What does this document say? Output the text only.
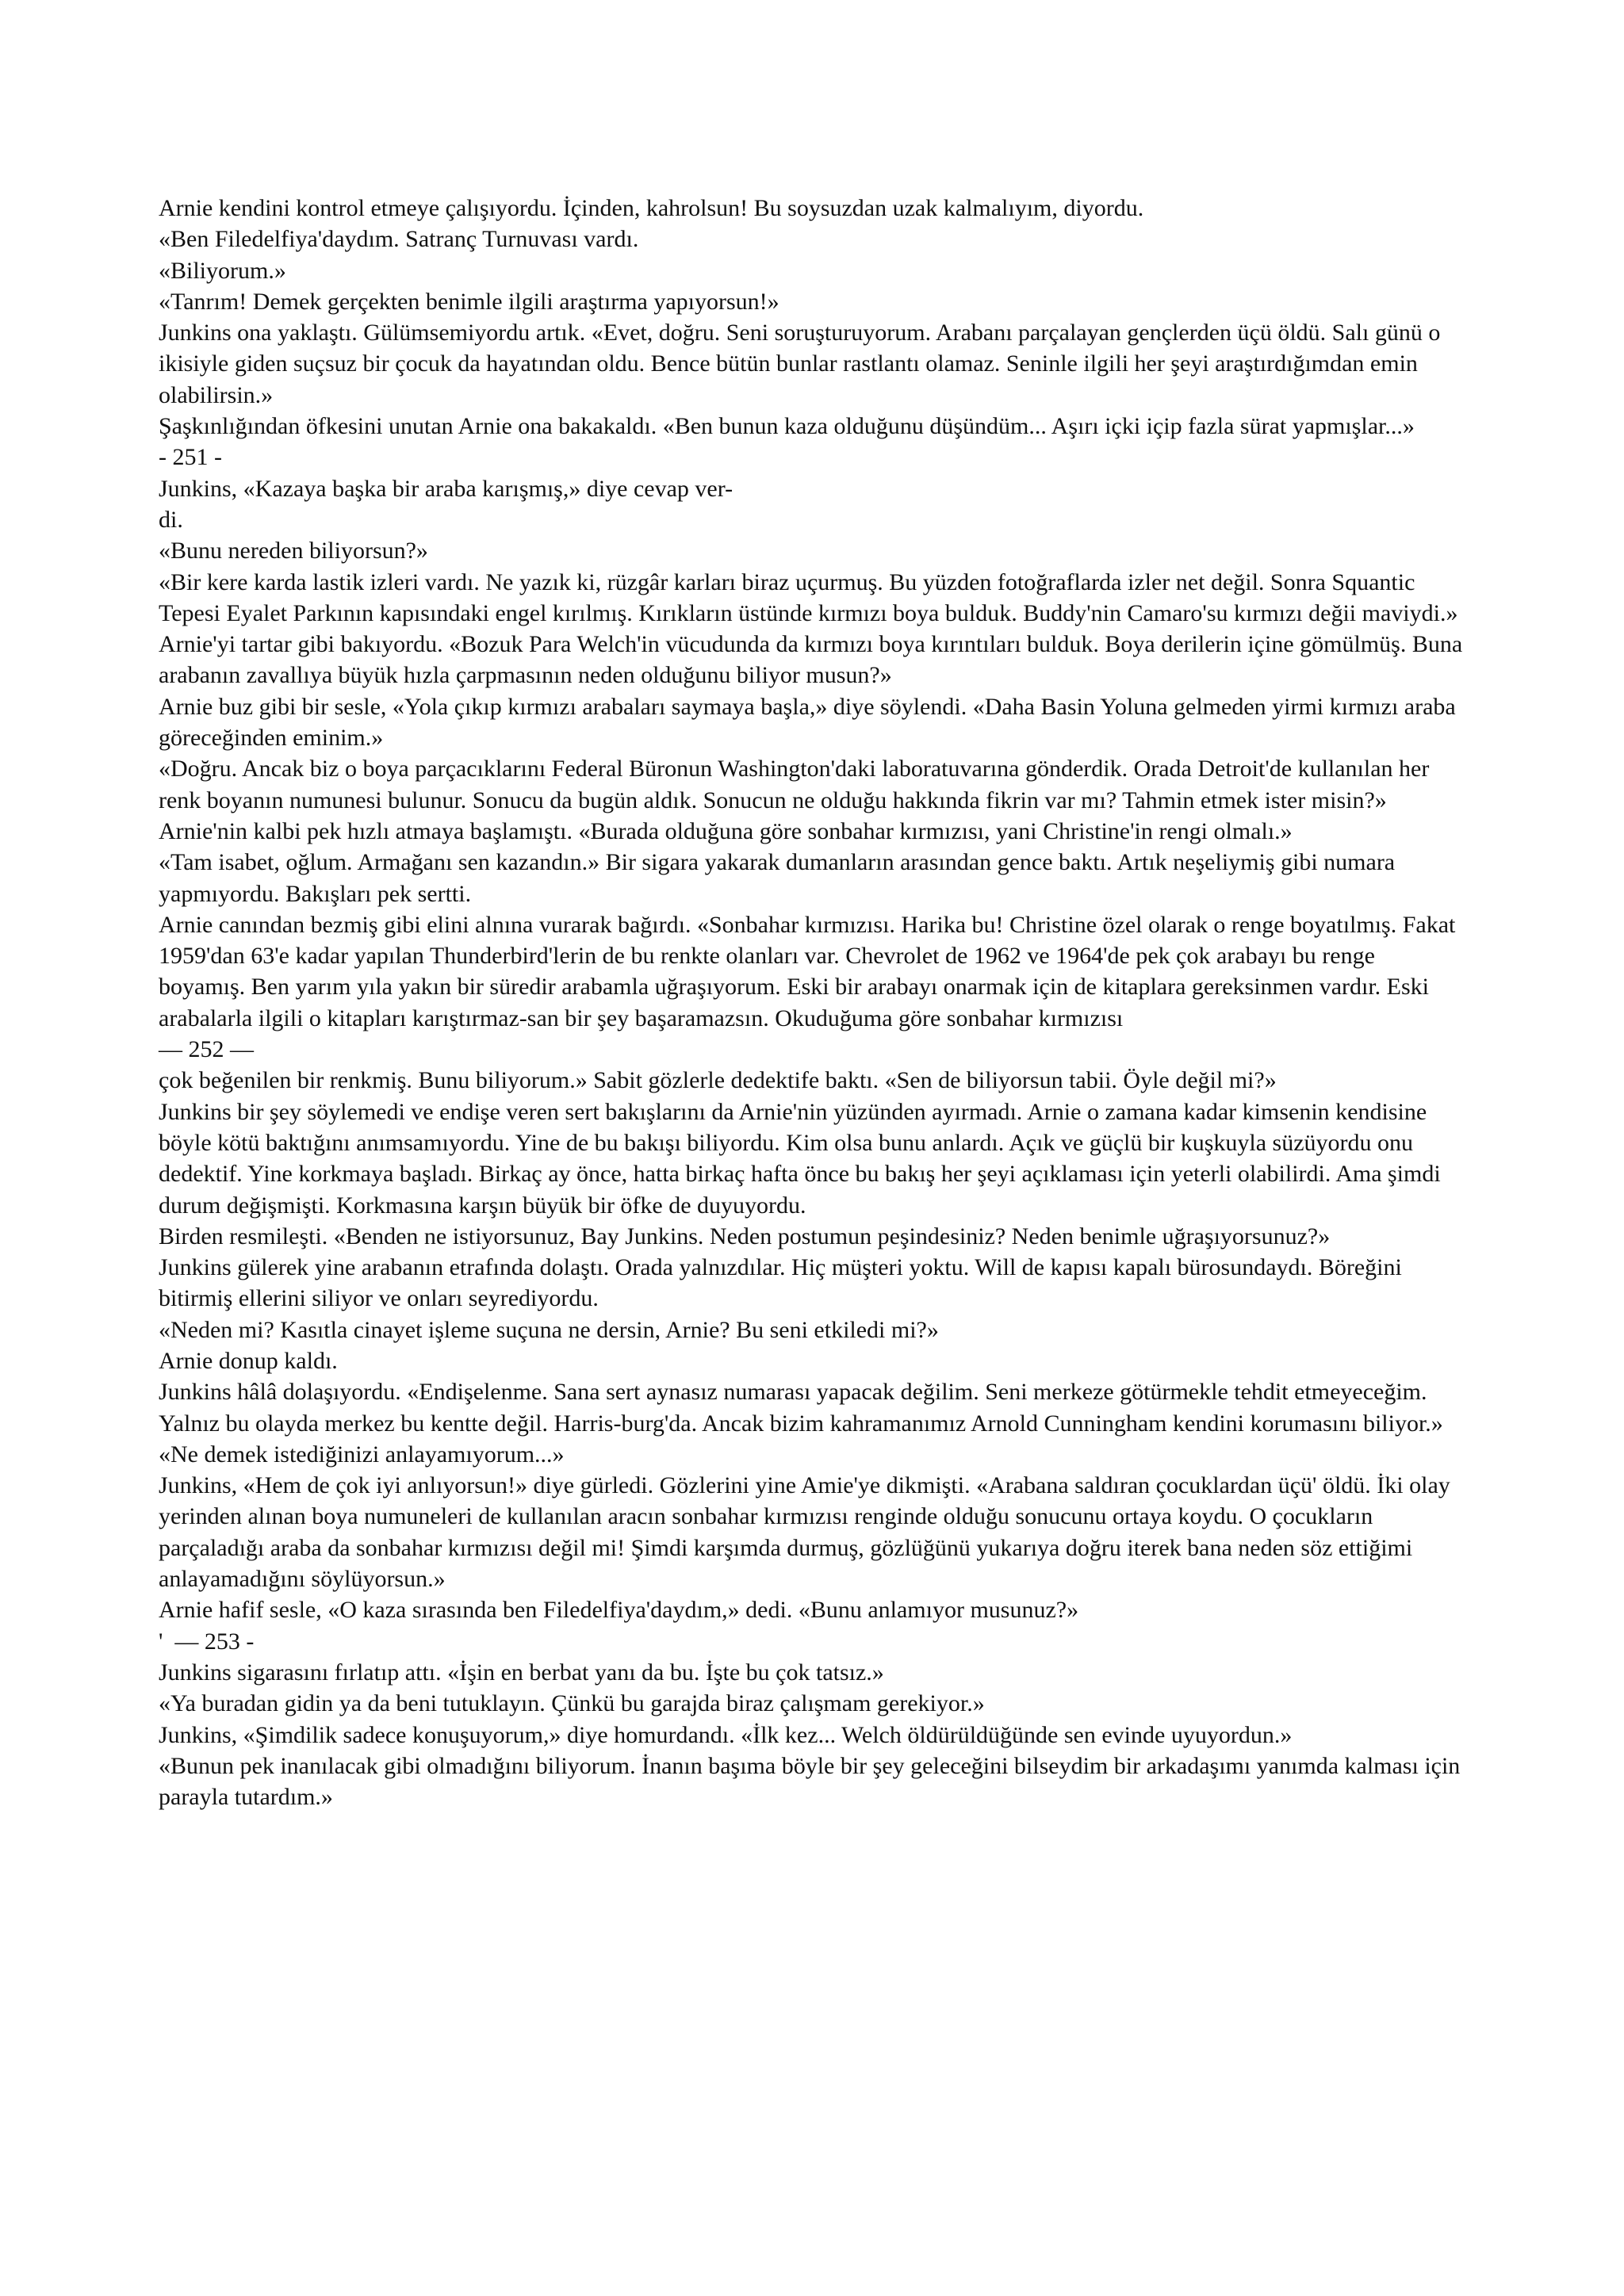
Arnie kendini kontrol etmeye çalışıyordu. İçinden, kahrolsun! Bu soysuzdan uzak kalmalıyım, diyordu.

«Ben Filedelfiya'daydım. Satranç Turnuvası vardı.

«Biliyorum.»

«Tanrım! Demek gerçekten benimle ilgili araştırma yapıyorsun!»

Junkins ona yaklaştı. Gülümsemiyordu artık. «Evet, doğru. Seni soruşturuyorum. Arabanı parçalayan gençlerden üçü öldü. Salı günü o ikisiyle giden suçsuz bir çocuk da hayatından oldu. Bence bütün bunlar rastlantı olamaz. Seninle ilgili her şeyi araştırdığımdan emin olabilirsin.»

Şaşkınlığından öfkesini unutan Arnie ona bakakaldı. «Ben bunun kaza olduğunu düşündüm... Aşırı içki içip fazla sürat yapmışlar...»

- 251 -

Junkins, «Kazaya başka bir araba karışmış,» diye cevap ver-

di.

«Bunu nereden biliyorsun?»

«Bir kere karda lastik izleri vardı. Ne yazık ki, rüzgâr karları biraz uçurmuş. Bu yüzden fotoğraflarda izler net değil. Sonra Squantic Tepesi Eyalet Parkının kapısındaki engel kırılmış. Kırıkların üstünde kırmızı boya bulduk. Buddy'nin Camaro'su kırmızı değii maviydi.»

Arnie'yi tartar gibi bakıyordu. «Bozuk Para Welch'in vücudunda da kırmızı boya kırıntıları bulduk. Boya derilerin içine gömülmüş. Buna arabanın zavallıya büyük hızla çarpmasının neden olduğunu biliyor musun?»

Arnie buz gibi bir sesle, «Yola çıkıp kırmızı arabaları saymaya başla,» diye söylendi. «Daha Basin Yoluna gelmeden yirmi kırmızı araba göreceğinden eminim.»

«Doğru. Ancak biz o boya parçacıklarını Federal Büronun Washington'daki laboratuvarına gönderdik. Orada Detroit'de kullanılan her renk boyanın numunesi bulunur. Sonucu da bugün aldık. Sonucun ne olduğu hakkında fikrin var mı? Tahmin etmek ister misin?»

Arnie'nin kalbi pek hızlı atmaya başlamıştı. «Burada olduğuna göre sonbahar kırmızısı, yani Christine'in rengi olmalı.»

«Tam isabet, oğlum. Armağanı sen kazandın.» Bir sigara yakarak dumanların arasından gence baktı. Artık neşeliymiş gibi numara yapmıyordu. Bakışları pek sertti.

Arnie canından bezmiş gibi elini alnına vurarak bağırdı. «Sonbahar kırmızısı. Harika bu! Christine özel olarak o renge boyatılmış. Fakat 1959'dan 63'e kadar yapılan Thunderbird'lerin de bu renkte olanları var. Chevrolet de 1962 ve 1964'de pek çok arabayı bu renge boyamış. Ben yarım yıla yakın bir süredir arabamla uğraşıyorum. Eski bir arabayı onarmak için de kitaplara gereksinmen vardır. Eski arabalarla ilgili o kitapları karıştırmaz-san bir şey başaramazsın. Okuduğuma göre sonbahar kırmızısı

— 252 —

çok beğenilen bir renkmiş. Bunu biliyorum.» Sabit gözlerle dedektife baktı. «Sen de biliyorsun tabii. Öyle değil mi?»

Junkins bir şey söylemedi ve endişe veren sert bakışlarını da Arnie'nin yüzünden ayırmadı. Arnie o zamana kadar kimsenin kendisine böyle kötü baktığını anımsamıyordu. Yine de bu bakışı biliyordu. Kim olsa bunu anlardı. Açık ve güçlü bir kuşkuyla süzüyordu onu dedektif. Yine korkmaya başladı. Birkaç ay önce, hatta birkaç hafta önce bu bakış her şeyi açıklaması için yeterli olabilirdi. Ama şimdi durum değişmişti. Korkmasına karşın büyük bir öfke de duyuyordu.

Birden resmileşti. «Benden ne istiyorsunuz, Bay Junkins. Neden postumun peşindesiniz? Neden benimle uğraşıyorsunuz?»

Junkins gülerek yine arabanın etrafında dolaştı. Orada yalnızdılar. Hiç müşteri yoktu. Will de kapısı kapalı bürosundaydı. Böreğini bitirmiş ellerini siliyor ve onları seyrediyordu.

«Neden mi? Kasıtla cinayet işleme suçuna ne dersin, Arnie? Bu seni etkiledi mi?»

Arnie donup kaldı.

Junkins hâlâ dolaşıyordu. «Endişelenme. Sana sert aynasız numarası yapacak değilim. Seni merkeze götürmekle tehdit etmeyeceğim. Yalnız bu olayda merkez bu kentte değil. Harris-burg'da. Ancak bizim kahramanımız Arnold Cunningham kendini korumasını biliyor.»

«Ne demek istediğinizi anlayamıyorum...»

Junkins, «Hem de çok iyi anlıyorsun!» diye gürledi. Gözlerini yine Amie'ye dikmişti. «Arabana saldıran çocuklardan üçü' öldü. İki olay yerinden alınan boya numuneleri de kullanılan aracın sonbahar kırmızısı renginde olduğu sonucunu ortaya koydu. O çocukların parçaladığı araba da sonbahar kırmızısı değil mi! Şimdi karşımda durmuş, gözlüğünü yukarıya doğru iterek bana neden söz ettiğimi anlayamadığını söylüyorsun.»

Arnie hafif sesle, «O kaza sırasında ben Filedelfiya'daydım,» dedi. «Bunu anlamıyor musunuz?»

'  — 253 -

Junkins sigarasını fırlatıp attı. «İşin en berbat yanı da bu. İşte bu çok tatsız.»

«Ya buradan gidin ya da beni tutuklayın. Çünkü bu garajda biraz çalışmam gerekiyor.»

Junkins, «Şimdilik sadece konuşuyorum,» diye homurdandı. «İlk kez... Welch öldürüldüğünde sen evinde uyuyordun.»

«Bunun pek inanılacak gibi olmadığını biliyorum. İnanın başıma böyle bir şey geleceğini bilseydim bir arkadaşımı yanımda kalması için parayla tutardım.»
